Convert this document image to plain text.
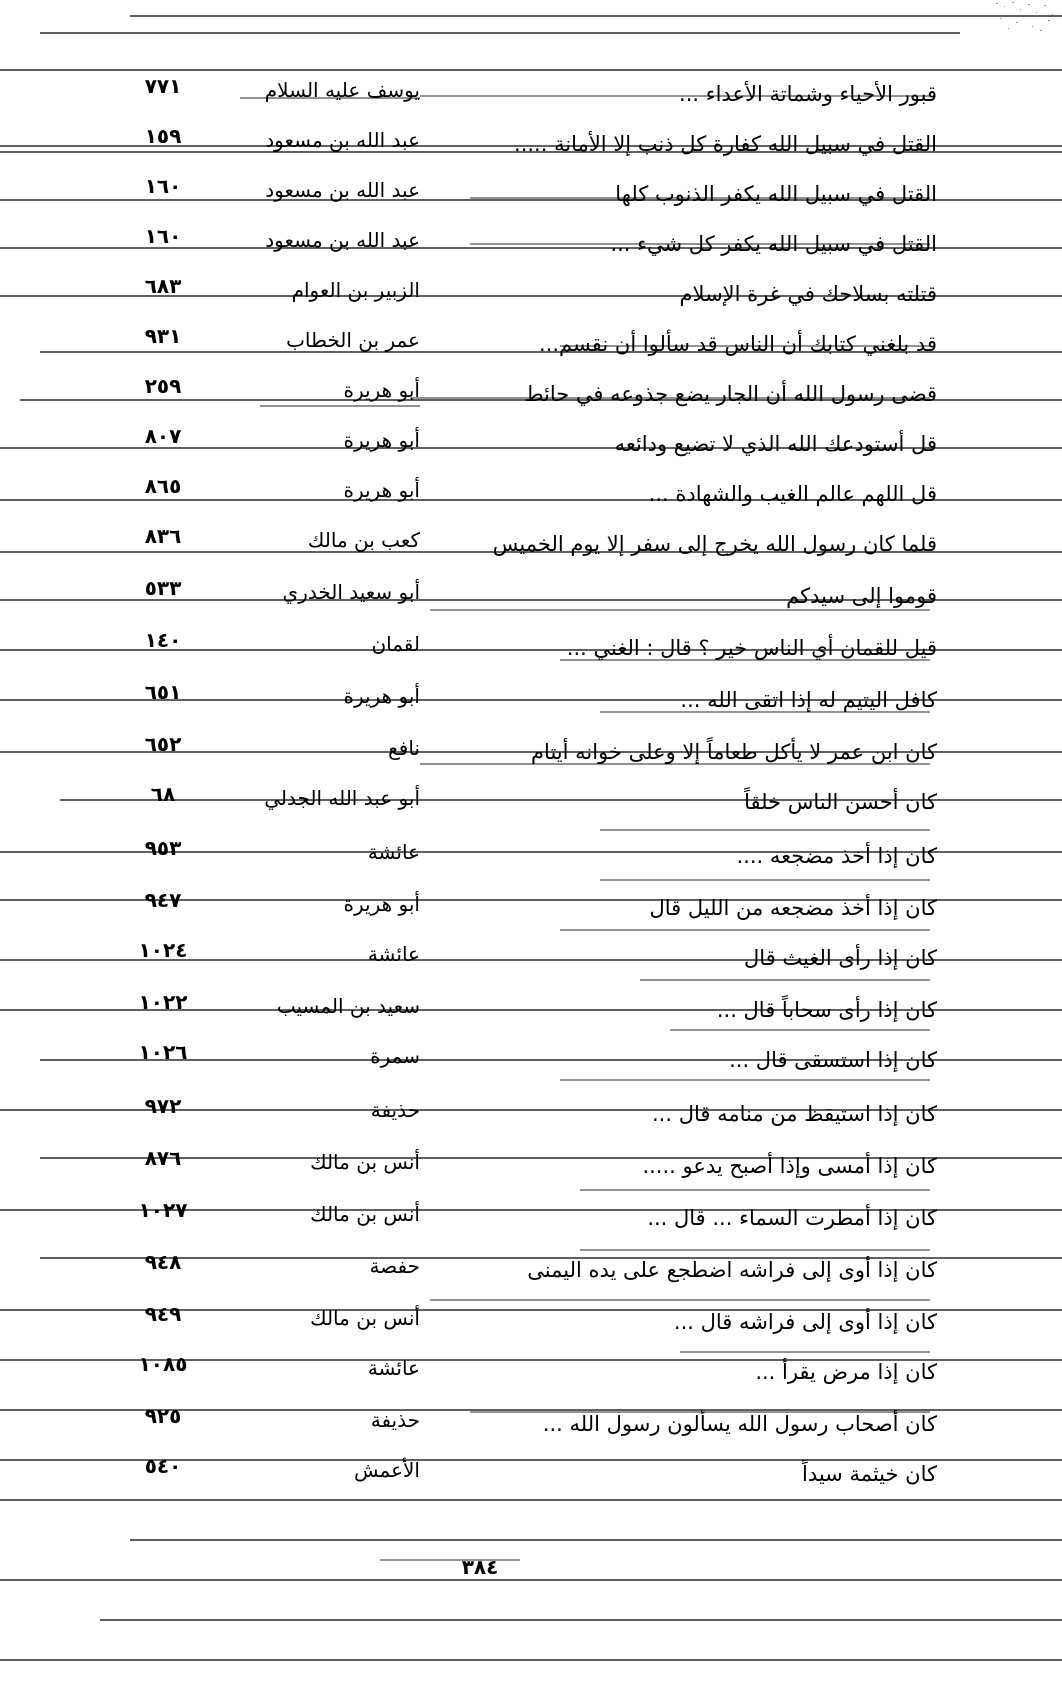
قبور الأحياء وشماتة الأعداء ...
يوسف عليه السلام
٧٧١
القتل في سبيل الله كفارة كل ذنب إلا الأمانة .....
عبد الله بن مسعود
١٥٩
القتل في سبيل الله يكفر الذنوب كلها
عبد الله بن مسعود
١٦٠
القتل في سبيل الله يكفر كل شيء ...
عبد الله بن مسعود
١٦٠
قتلته بسلاحك في غرة الإسلام
الزبير بن العوام
٦٨٣
قد بلغني كتابك أن الناس قد سألوا أن نقسم...
عمر بن الخطاب
٩٣١
قضى رسول الله أن الجار يضع جذوعه في حائط
أبو هريرة
٢٥٩
قل أستودعك الله الذي لا تضيع ودائعه
أبو هريرة
٨٠٧
قل اللهم عالم الغيب والشهادة ...
أبو هريرة
٨٦٥
قلما كان رسول الله يخرج إلى سفر إلا يوم الخميس
كعب بن مالك
٨٣٦
قوموا إلى سيدكم
أبو سعيد الخدري
٥٣٣
قيل للقمان أي الناس خير ؟ قال : الغني ...
لقمان
١٤٠
كافل اليتيم له إذا اتقى الله ...
أبو هريرة
٦٥١
كان ابن عمر لا يأكل طعاماً إلا وعلى خوانه أيتام
نافع
٦٥٢
كان أحسن الناس خلقاً
أبو عبد الله الجدلي
٦٨
كان إذا أخذ مضجعه ....
عائشة
٩٥٣
كان إذا أخذ مضجعه من الليل قال
أبو هريرة
٩٤٧
كان إذا رأى الغيث قال
عائشة
١٠٢٤
كان إذا رأى سحاباً قال ...
سعيد بن المسيب
١٠٢٢
كان إذا استسقى قال ...
سمرة
١٠٢٦
كان إذا استيقظ من منامه قال ...
حذيفة
٩٧٢
كان إذا أمسى وإذا أصبح يدعو .....
أنس بن مالك
٨٧٦
كان إذا أمطرت السماء ... قال ...
أنس بن مالك
١٠٢٧
كان إذا أوى إلى فراشه اضطجع على يده اليمنى
حفصة
٩٤٨
كان إذا أوى إلى فراشه قال ...
أنس بن مالك
٩٤٩
كان إذا مرض يقرأ ...
عائشة
١٠٨٥
كان أصحاب رسول الله يسألون رسول الله ...
حذيفة
٩٢٥
كان خيثمة سيداً
الأعمش
٥٤٠
٣٨٤
